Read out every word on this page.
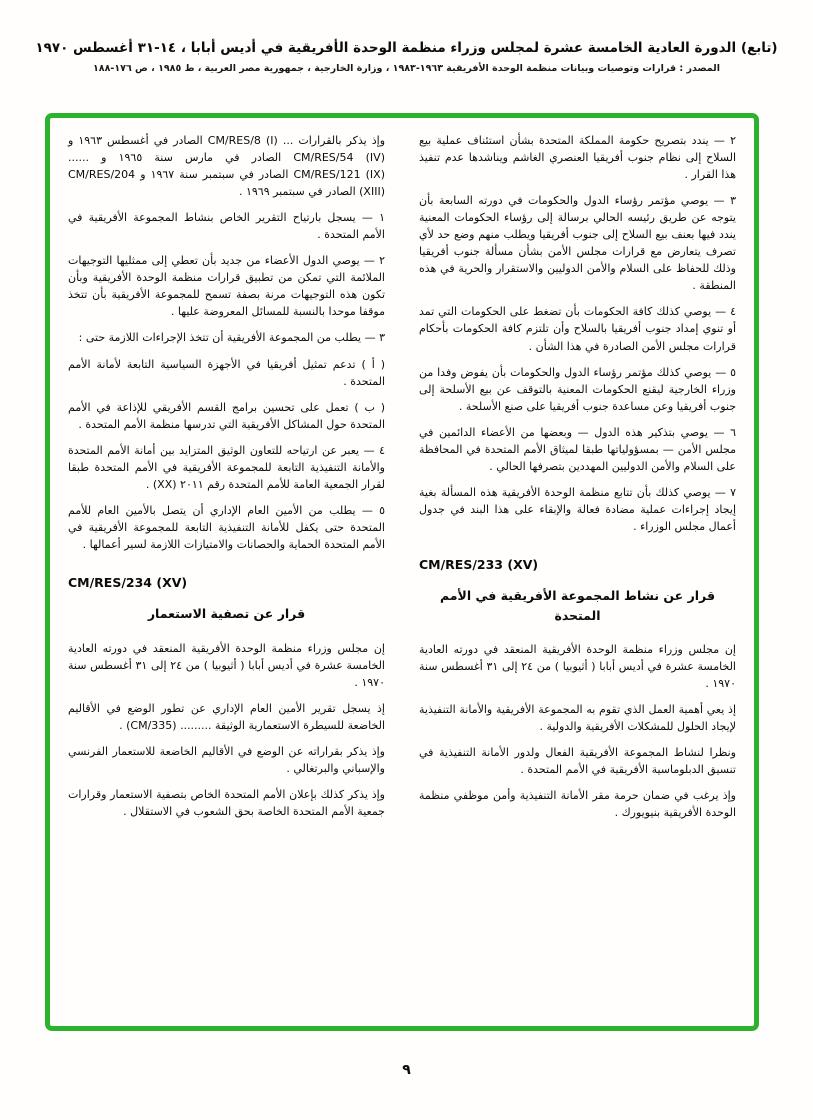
(تابع) الدورة العادية الخامسة عشرة لمجلس وزراء منظمة الوحدة الأفريقية في أديس أبابا ، ١٤-٣١ أغسطس ١٩٧٠
المصدر : قرارات وتوصيات وبيانات منظمة الوحدة الأفريقية ١٩٦٣-١٩٨٣ ، وزارة الخارجية ، جمهورية مصر العربية ، ط ١٩٨٥ ، ص ١٧٦-١٨٨

٢ — يندد بتصريح حكومة المملكة المتحدة بشأن استئناف عملية بيع السلاح إلى نظام جنوب أفريقيا العنصري الغاشم ويناشدها عدم تنفيذ هذا القرار .

٣ — يوصي مؤتمر رؤساء الدول والحكومات في دورته السابعة بأن يتوجه عن طريق رئيسه الحالي برسالة إلى رؤساء الحكومات المعنية يندد فيها بعنف بيع السلاح إلى جنوب أفريقيا ويطلب منهم وضع حد لأي تصرف يتعارض مع قرارات مجلس الأمن بشأن مسألة جنوب أفريقيا وذلك للحفاظ على السلام والأمن الدوليين والاستقرار والحرية في هذه المنطقة .

٤ — يوصي كذلك كافة الحكومات بأن تضغط على الحكومات التي تمد أو تنوي إمداد جنوب أفريقيا بالسلاح وأن تلتزم كافة الحكومات بأحكام قرارات مجلس الأمن الصادرة في هذا الشأن .

٥ — يوصي كذلك مؤتمر رؤساء الدول والحكومات بأن يفوض وفدا من وزراء الخارجية ليقنع الحكومات المعنية بالتوقف عن بيع الأسلحة إلى جنوب أفريقيا وعن مساعدة جنوب أفريقيا على صنع الأسلحة .

٦ — يوصي بتذكير هذه الدول — وبعضها من الأعضاء الدائمين في مجلس الأمن — بمسؤولياتها طبقا لميثاق الأمم المتحدة في المحافظة على السلام والأمن الدوليين المهددين بتصرفها الحالي .

٧ — يوصي كذلك بأن تتابع منظمة الوحدة الأفريقية هذه المسألة بغية إيجاد إجراءات عملية مضادة فعالة والإبقاء على هذا البند في جدول أعمال مجلس الوزراء .

CM/RES/233 (XV)
قرار عن نشاط المجموعة الأفريقية في الأمم المتحدة

إن مجلس وزراء منظمة الوحدة الأفريقية المنعقد في دورته العادية الخامسة عشرة في أديس أبابا ( أثيوبيا ) من ٢٤ إلى ٣١ أغسطس سنة ١٩٧٠ .

إذ يعي أهمية العمل الذي تقوم به المجموعة الأفريقية والأمانة التنفيذية لإيجاد الحلول للمشكلات الأفريقية والدولية .

ونظرا لنشاط المجموعة الأفريقية الفعال ولدور الأمانة التنفيذية في تنسيق الدبلوماسية الأفريقية في الأمم المتحدة .

وإذ يرغب في ضمان حرمة مقر الأمانة التنفيذية وأمن موظفي منظمة الوحدة الأفريقية بنيويورك .

وإذ يذكر بالقرارات ... CM/RES/8 (I) الصادر في أغسطس ١٩٦٣ و CM/RES/54 (IV) الصادر في مارس سنة ١٩٦٥ و ...... CM/RES/121 (IX) الصادر في سبتمبر سنة ١٩٦٧ و CM/RES/204 (XIII) الصادر في سبتمبر ١٩٦٩ .

١ — يسجل بارتياح التقرير الخاص بنشاط المجموعة الأفريقية في الأمم المتحدة .

٢ — يوصي الدول الأعضاء من جديد بأن تعطي إلى ممثليها التوجيهات الملائمة التي تمكن من تطبيق قرارات منظمة الوحدة الأفريقية وبأن تكون هذه التوجيهات مرنة بصفة تسمح للمجموعة الأفريقية بأن تتخذ موقفا موحدا بالنسبة للمسائل المعروضة عليها .

٣ — يطلب من المجموعة الأفريقية أن تتخذ الإجراءات اللازمة حتى :

( أ ) تدعم تمثيل أفريقيا في الأجهزة السياسية التابعة لأمانة الأمم المتحدة .

( ب ) تعمل على تحسين برامج القسم الأفريقي للإذاعة في الأمم المتحدة حول المشاكل الأفريقية التي تدرسها منظمة الأمم المتحدة .

٤ — يعبر عن ارتياحه للتعاون الوثيق المتزايد بين أمانة الأمم المتحدة والأمانة التنفيذية التابعة للمجموعة الأفريقية في الأمم المتحدة طبقا لقرار الجمعية العامة للأمم المتحدة رقم ٢٠١١ (XX) .

٥ — يطلب من الأمين العام الإداري أن يتصل بالأمين العام للأمم المتحدة حتى يكفل للأمانة التنفيذية التابعة للمجموعة الأفريقية في الأمم المتحدة الحماية والحصانات والامتيازات اللازمة لسير أعمالها .

CM/RES/234 (XV)
قرار عن تصفية الاستعمار

إن مجلس وزراء منظمة الوحدة الأفريقية المنعقد في دورته العادية الخامسة عشرة في أديس أبابا ( أثيوبيا ) من ٢٤ إلى ٣١ أغسطس سنة ١٩٧٠ .

إذ يسجل تقرير الأمين العام الإداري عن تطور الوضع في الأقاليم الخاضعة للسيطرة الاستعمارية الوثيقة ......... (CM/335) .

وإذ يذكر بقراراته عن الوضع في الأقاليم الخاضعة للاستعمار الفرنسي والإسباني والبرتغالي .

وإذ يذكر كذلك بإعلان الأمم المتحدة الخاص بتصفية الاستعمار وقرارات جمعية الأمم المتحدة الخاصة بحق الشعوب في الاستقلال .

٩
